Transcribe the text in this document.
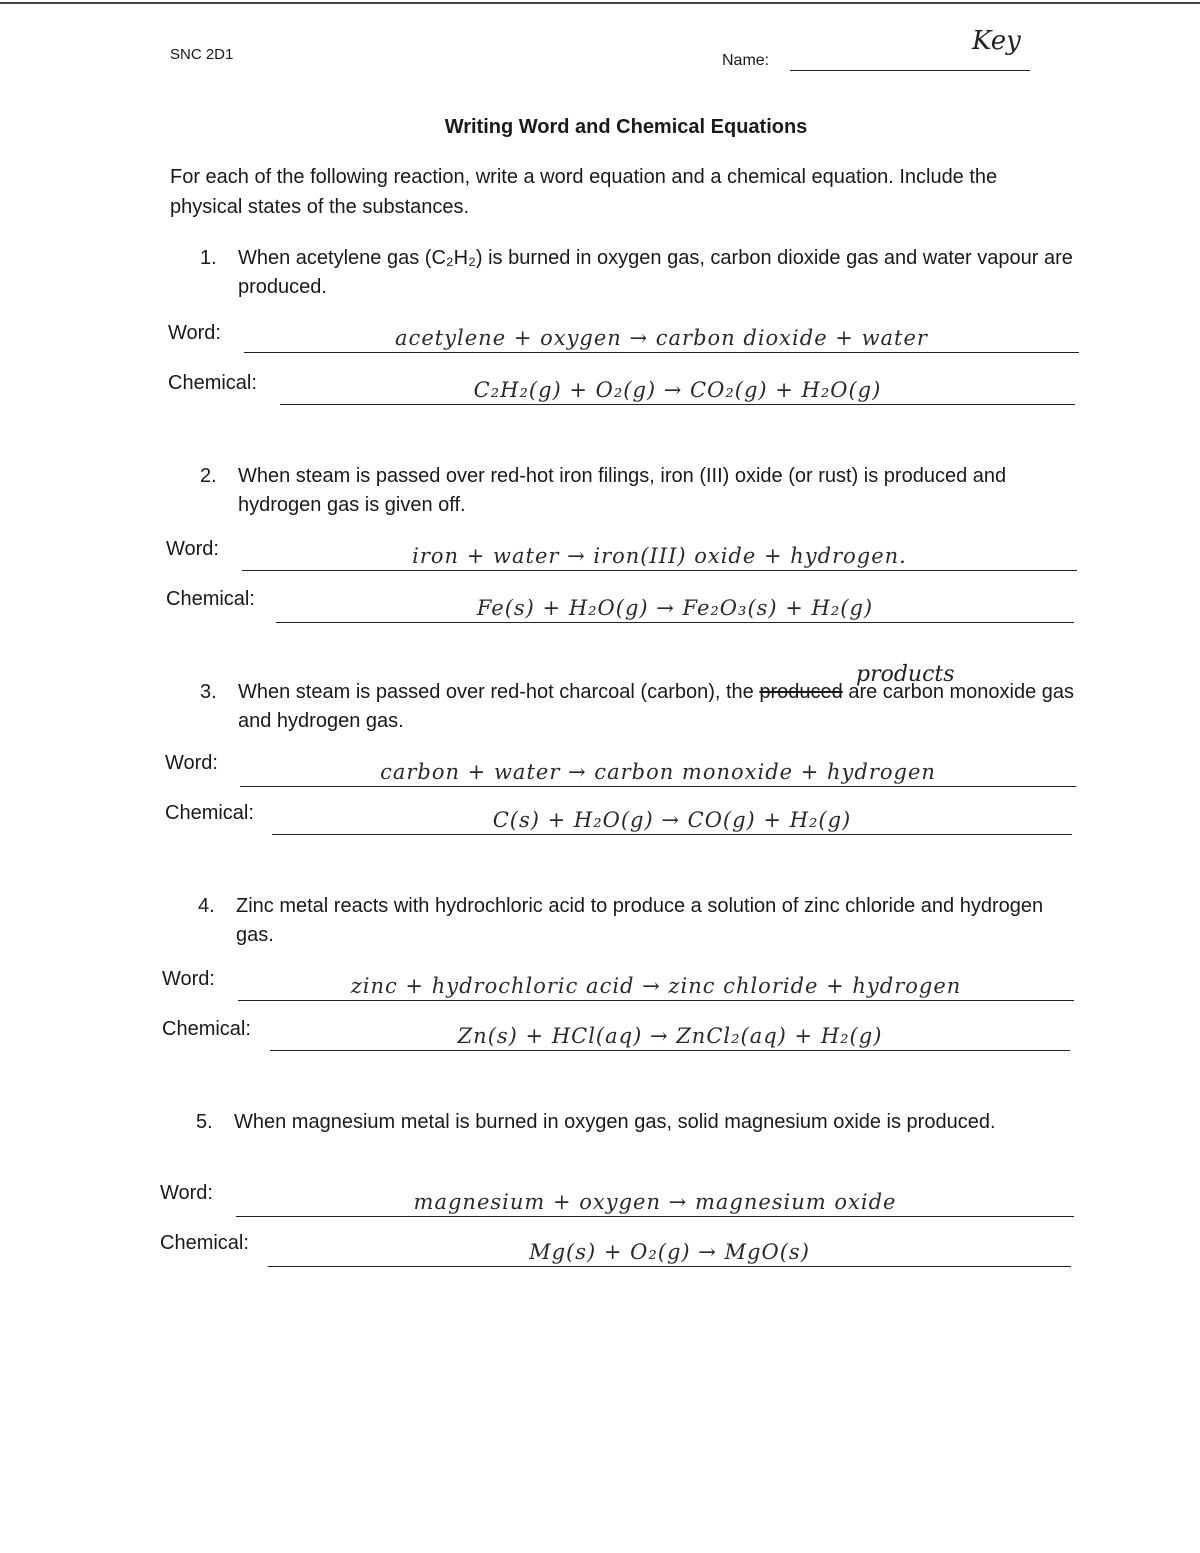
SNC 2D1	Name:
Key
Writing Word and Chemical Equations
For each of the following reaction, write a word equation and a chemical equation. Include the physical states of the substances.
1.	When acetylene gas (C₂H₂) is burned in oxygen gas, carbon dioxide gas and water vapour are produced.
Word:	acetylene + oxygen → carbon dioxide + water
Chemical:	C₂H₂(g) + O₂(g) → CO₂(g) + H₂O(g)
2.	When steam is passed over red-hot iron filings, iron (III) oxide (or rust) is produced and hydrogen gas is given off.
Word:	iron + water → iron(III) oxide + hydrogen.
Chemical:	Fe(s) + H₂O(g) → Fe₂O₃(s) + H₂(g)
products
3.	When steam is passed over red-hot charcoal (carbon), the produced are carbon monoxide gas and hydrogen gas.
Word:	carbon + water → carbon monoxide + hydrogen
Chemical:	C(s) + H₂O(g) → CO(g) + H₂(g)
4.	Zinc metal reacts with hydrochloric acid to produce a solution of zinc chloride and hydrogen gas.
Word:	zinc + hydrochloric acid → zinc chloride + hydrogen
Chemical:	Zn(s) + HCl(aq) → ZnCl₂(aq) + H₂(g)
5.	When magnesium metal is burned in oxygen gas, solid magnesium oxide is produced.
Word:	magnesium + oxygen → magnesium oxide
Chemical:	Mg(s) + O₂(g) → MgO(s)
